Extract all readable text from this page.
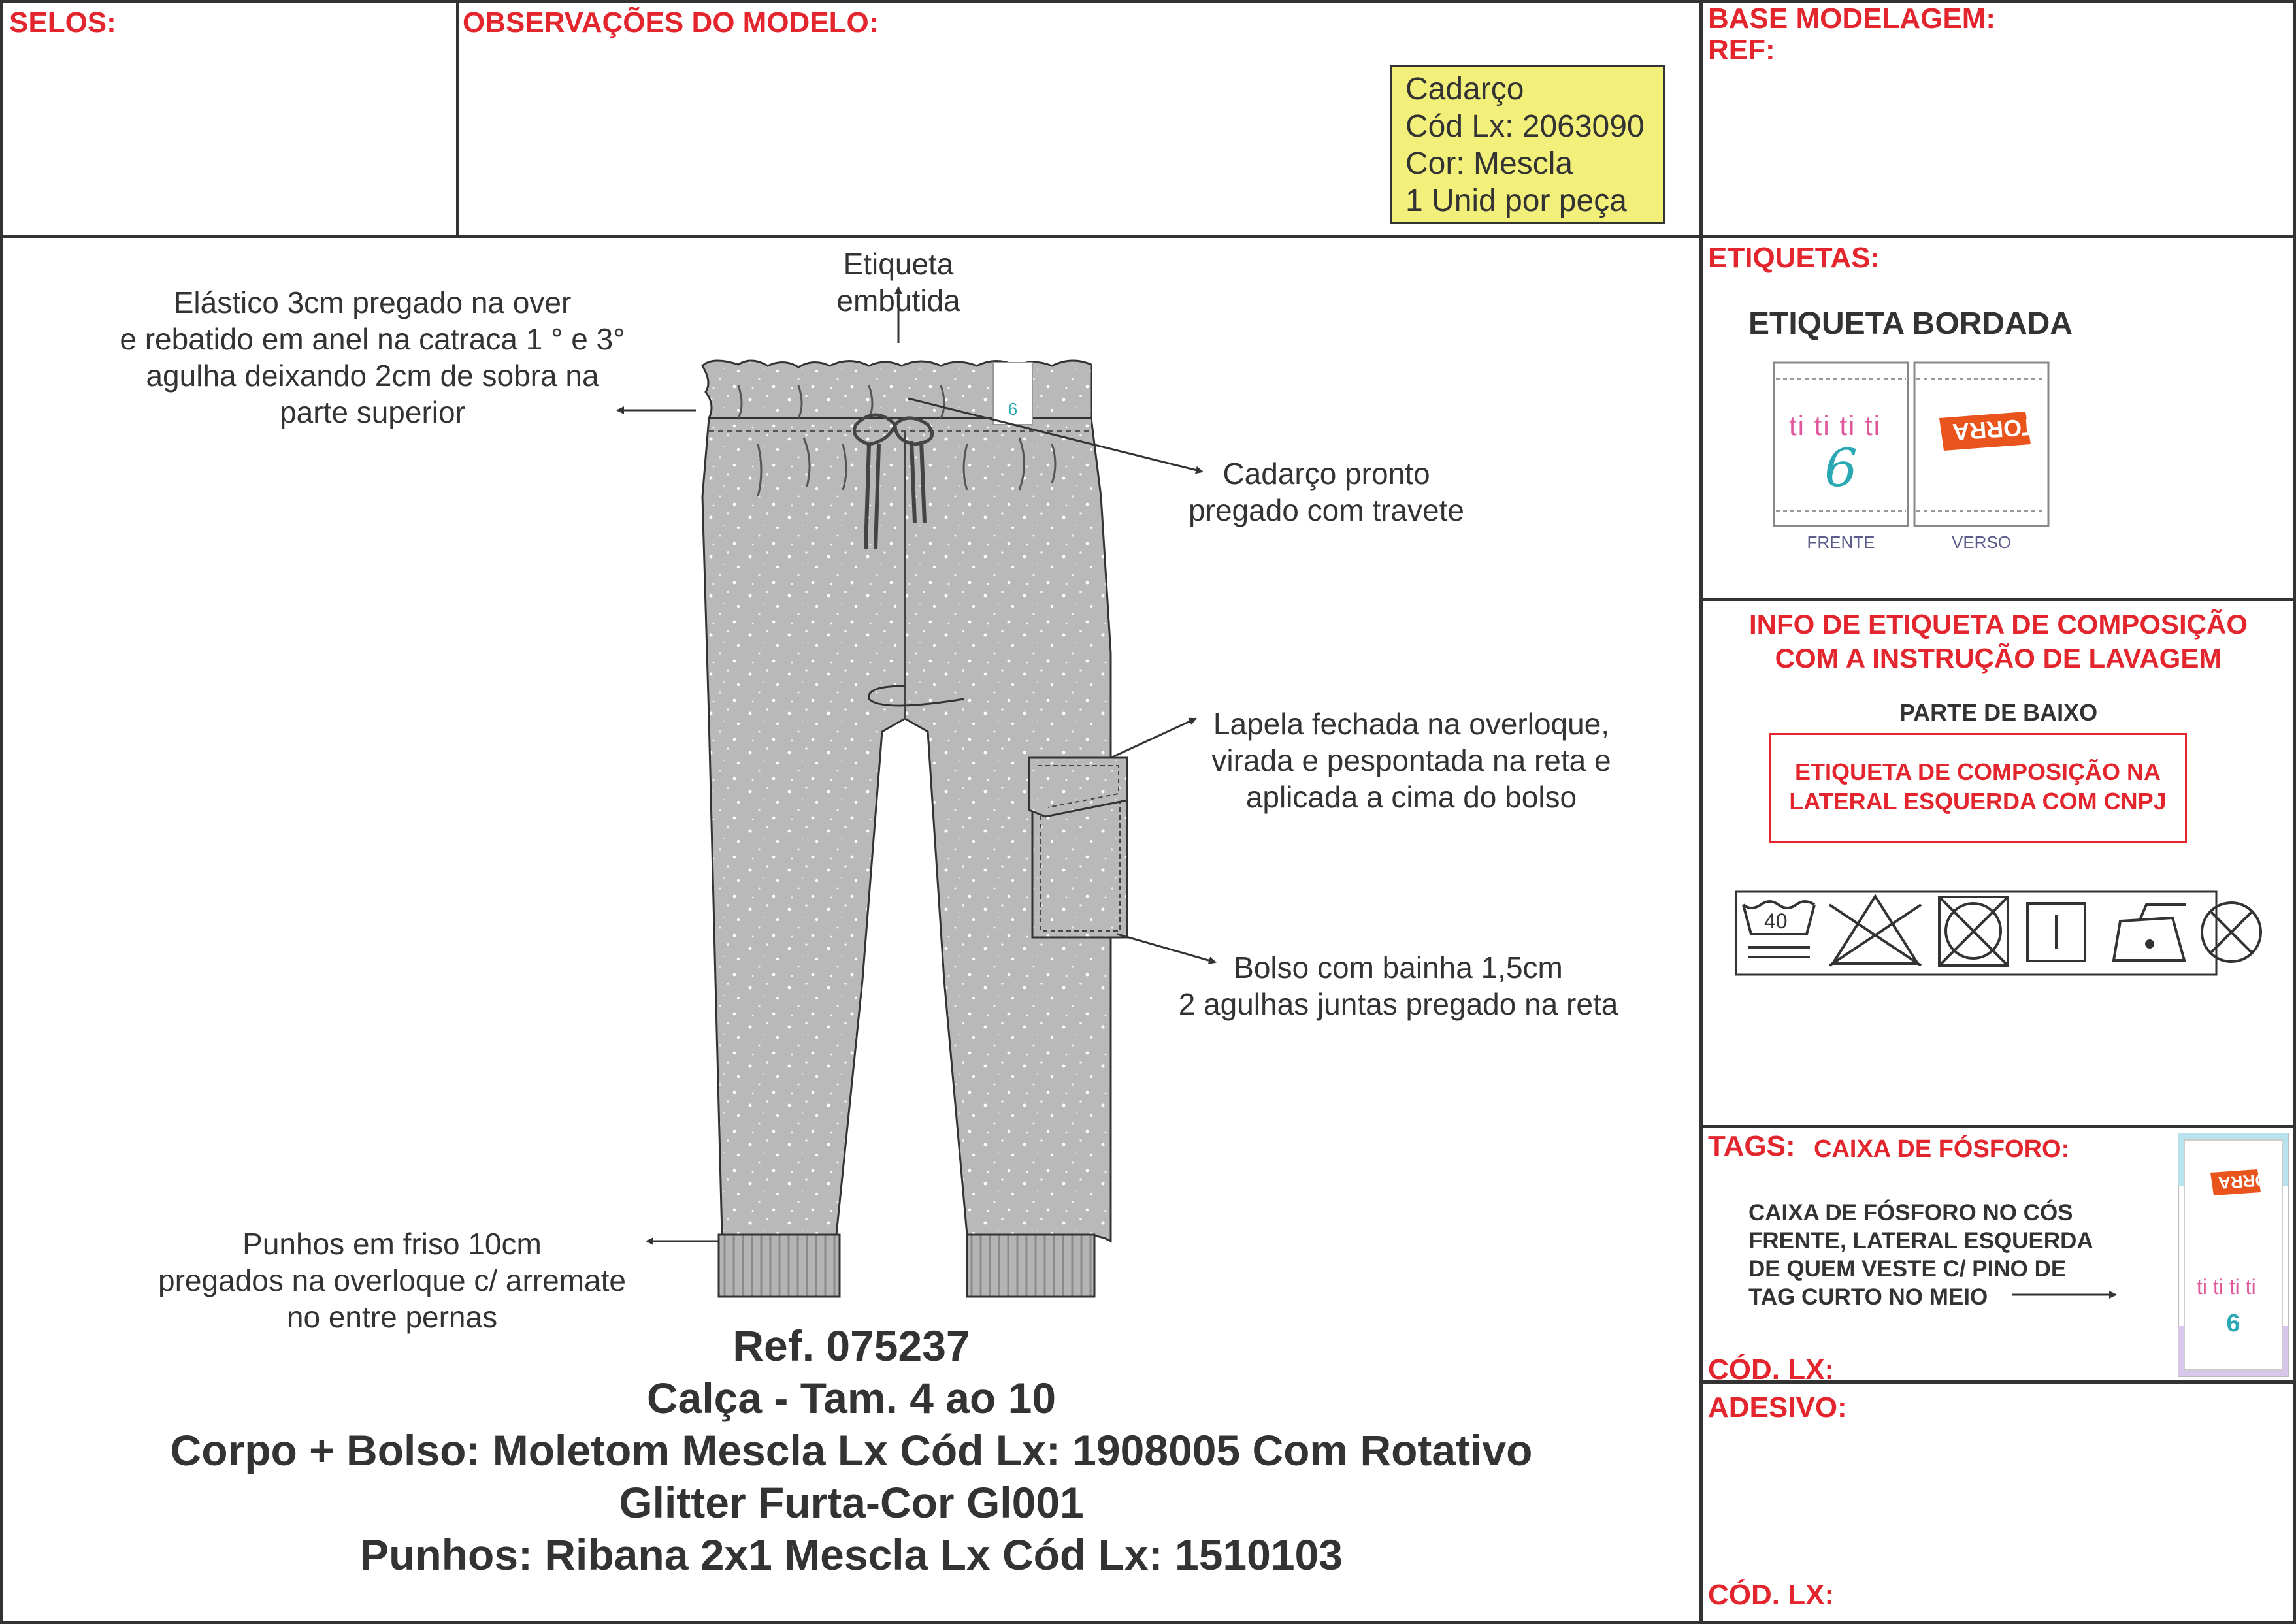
SELOS:	OBSERVAÇÕES DO MODELO:	BASE MODELAGEM:
REF:
Cadarço
Cód Lx: 2063090
Cor: Mescla
1 Unid por peça
6
ti ti ti ti
6
TORRA
FRENTE	VERSO
Etiqueta
embutida
Elástico 3cm pregado na over
e rebatido em anel na catraca 1 ° e 3°
agulha deixando 2cm de sobra na
parte superior
Cadarço pronto
pregado com travete
Lapela fechada na overloque,
virada e pespontada na reta e
aplicada a cima do bolso
Bolso com bainha 1,5cm
2 agulhas juntas pregado na reta
Punhos em friso 10cm
pregados na overloque c/ arremate
no entre pernas
Ref. 075237
Calça - Tam. 4 ao 10
Corpo + Bolso: Moletom Mescla Lx Cód Lx: 1908005 Com Rotativo
Glitter Furta-Cor Gl001
Punhos: Ribana 2x1 Mescla Lx Cód Lx: 1510103
ETIQUETAS:
ETIQUETA BORDADA
INFO DE ETIQUETA DE COMPOSIÇÃO
COM A INSTRUÇÃO DE LAVAGEM
PARTE DE BAIXO
ETIQUETA DE COMPOSIÇÃO NA
LATERAL ESQUERDA COM CNPJ
40
TAGS: CAIXA DE FÓSFORO:
CAIXA DE FÓSFORO NO CÓS
FRENTE, LATERAL ESQUERDA
DE QUEM VESTE C/ PINO DE
TAG CURTO NO MEIO
CÓD. LX:
TORRA
ti ti ti ti
6
ADESIVO:
CÓD. LX:
